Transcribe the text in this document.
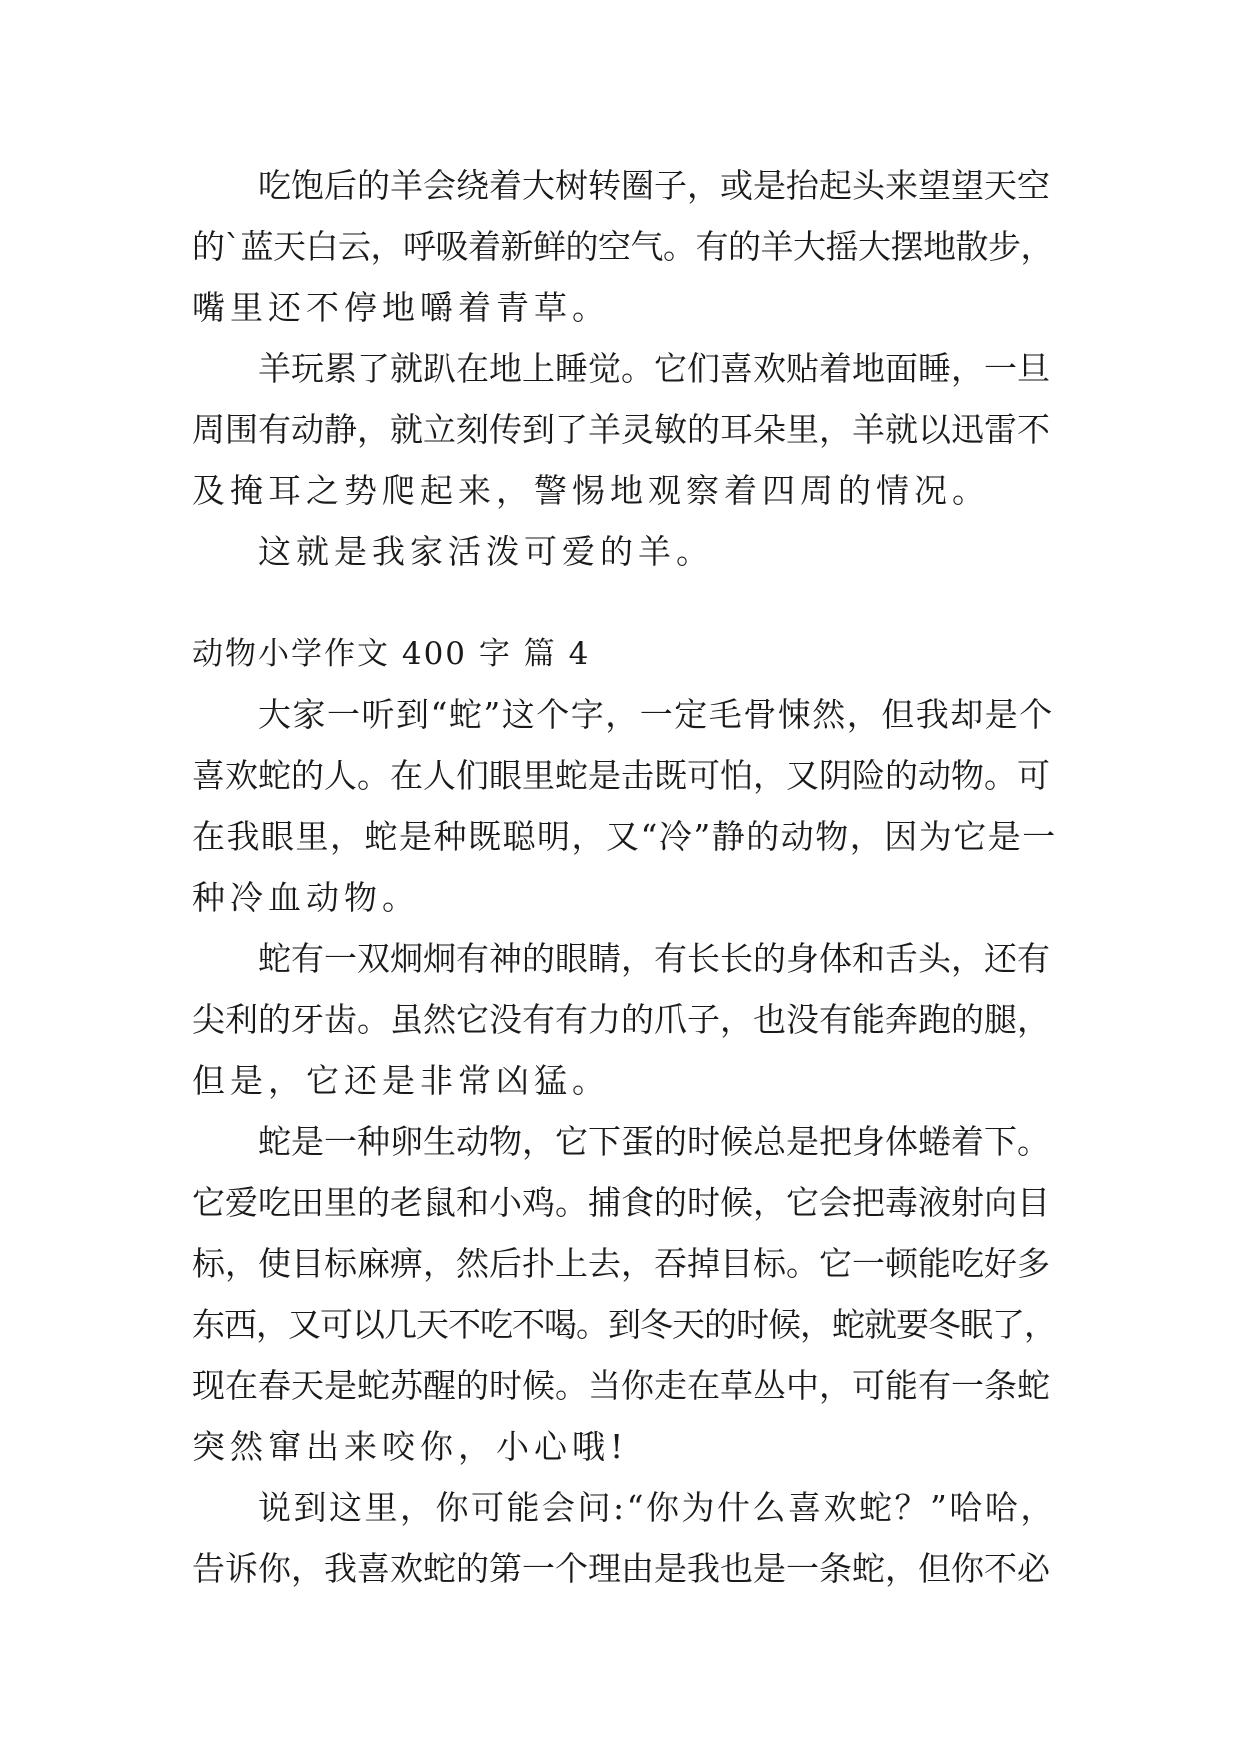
吃饱后的羊会绕着大树转圈子，或是抬起头来望望天空
的`蓝天白云，呼吸着新鲜的空气。有的羊大摇大摆地散步，
嘴里还不停地嚼着青草。
羊玩累了就趴在地上睡觉。它们喜欢贴着地面睡，一旦
周围有动静，就立刻传到了羊灵敏的耳朵里，羊就以迅雷不
及掩耳之势爬起来，警惕地观察着四周的情况。
这就是我家活泼可爱的羊。
动物小学作文 400 字 篇 4
大家一听到“蛇”这个字，一定毛骨悚然，但我却是个
喜欢蛇的人。在人们眼里蛇是击既可怕，又阴险的动物。可
在我眼里，蛇是种既聪明，又“冷”静的动物，因为它是一
种冷血动物。
蛇有一双炯炯有神的眼睛，有长长的身体和舌头，还有
尖利的牙齿。虽然它没有有力的爪子，也没有能奔跑的腿，
但是，它还是非常凶猛。
蛇是一种卵生动物，它下蛋的时候总是把身体蜷着下。
它爱吃田里的老鼠和小鸡。捕食的时候，它会把毒液射向目
标，使目标麻痹，然后扑上去，吞掉目标。它一顿能吃好多
东西，又可以几天不吃不喝。到冬天的时候，蛇就要冬眠了，
现在春天是蛇苏醒的时候。当你走在草丛中，可能有一条蛇
突然窜出来咬你，小心哦!
说到这里，你可能会问:“你为什么喜欢蛇？”哈哈，
告诉你，我喜欢蛇的第一个理由是我也是一条蛇，但你不必
